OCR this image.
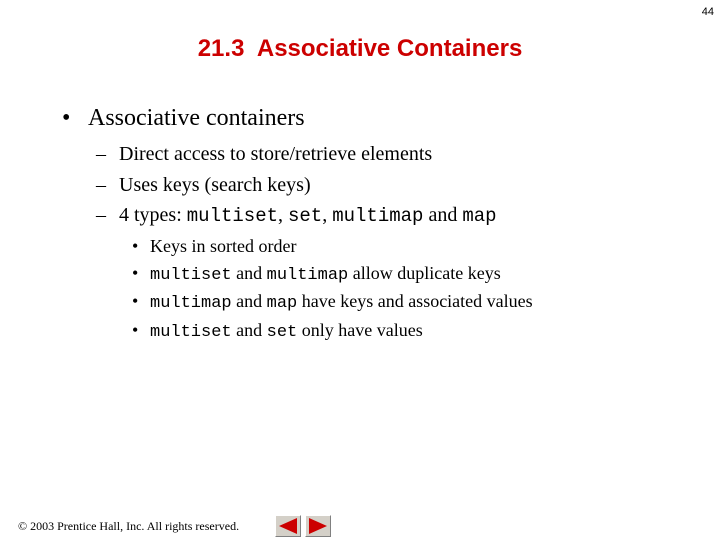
44
21.3  Associative Containers
• Associative containers
– Direct access to store/retrieve elements
– Uses keys (search keys)
– 4 types: multiset, set, multimap and map
• Keys in sorted order
• multiset and multimap allow duplicate keys
• multimap and map have keys and associated values
• multiset and set only have values
© 2003 Prentice Hall, Inc. All rights reserved.
